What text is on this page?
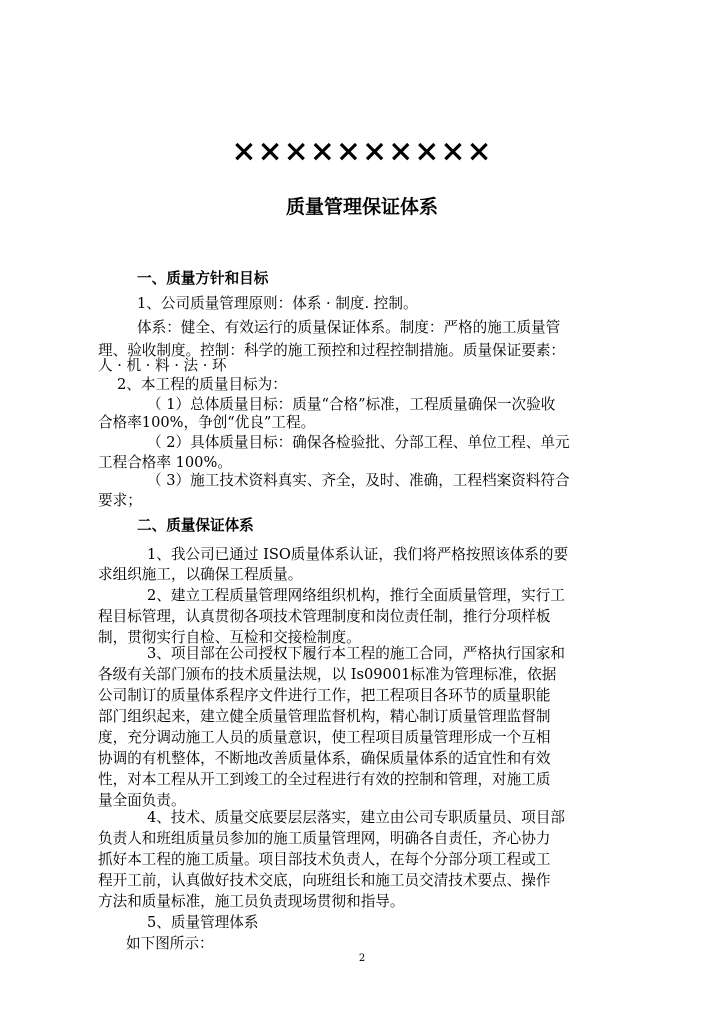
××××××××××
质量管理保证体系

一、质量方针和目标

1、公司质量管理原则：体系 · 制度. 控制。

体系：健全、有效运行的质量保证体系。制度：严格的施工质量管

理、验收制度。控制：科学的施工预控和过程控制措施。质量保证要素：

人 · 机 · 料 · 法 · 环

2、本工程的质量目标为：

（ 1）总体质量目标：质量“合格”标准，工程质量确保一次验收

合格率100%，争创“优良”工程。

（ 2）具体质量目标：确保各检验批、分部工程、单位工程、单元

工程合格率 100%。

（ 3）施工技术资料真实、齐全，及时、准确，工程档案资料符合

要求；

二、质量保证体系

1、我公司已通过 ISO质量体系认证，我们将严格按照该体系的要

求组织施工，以确保工程质量。

2、建立工程质量管理网络组织机构，推行全面质量管理，实行工

程目标管理，认真贯彻各项技术管理制度和岗位责任制，推行分项样板

制，贯彻实行自检、互检和交接检制度。

3、项目部在公司授权下履行本工程的施工合同，严格执行国家和

各级有关部门颁布的技术质量法规，以 Is09001标准为管理标准，依据

公司制订的质量体系程序文件进行工作，把工程项目各环节的质量职能

部门组织起来，建立健全质量管理监督机构，精心制订质量管理监督制

度，充分调动施工人员的质量意识，使工程项目质量管理形成一个互相

协调的有机整体，不断地改善质量体系，确保质量体系的适宜性和有效

性，对本工程从开工到竣工的全过程进行有效的控制和管理，对施工质

量全面负责。

4、技术、质量交底要层层落实，建立由公司专职质量员、项目部

负责人和班组质量员参加的施工质量管理网，明确各自责任，齐心协力

抓好本工程的施工质量。项目部技术负责人，在每个分部分项工程或工

程开工前，认真做好技术交底，向班组长和施工员交清技术要点、操作

方法和质量标准，施工员负责现场贯彻和指导。

5、质量管理体系

如下图所示：

2
